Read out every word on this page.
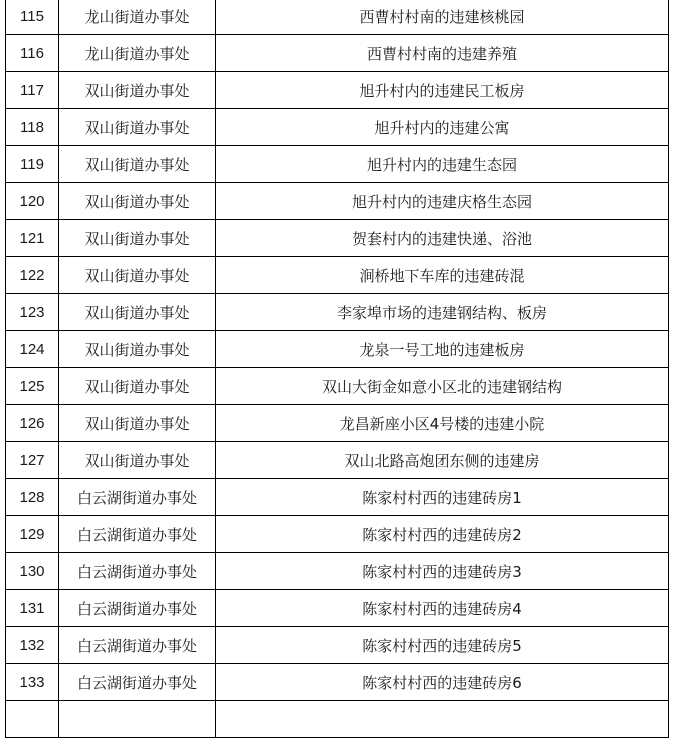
115	龙山街道办事处	西曹村村南的违建核桃园
116	龙山街道办事处	西曹村村南的违建养殖
117	双山街道办事处	旭升村内的违建民工板房
118	双山街道办事处	旭升村内的违建公寓
119	双山街道办事处	旭升村内的违建生态园
120	双山街道办事处	旭升村内的违建庆格生态园
121	双山街道办事处	贺套村内的违建快递、浴池
122	双山街道办事处	涧桥地下车库的违建砖混
123	双山街道办事处	李家埠市场的违建钢结构、板房
124	双山街道办事处	龙泉一号工地的违建板房
125	双山街道办事处	双山大街金如意小区北的违建钢结构
126	双山街道办事处	龙昌新座小区4号楼的违建小院
127	双山街道办事处	双山北路高炮团东侧的违建房
128	白云湖街道办事处	陈家村村西的违建砖房1
129	白云湖街道办事处	陈家村村西的违建砖房2
130	白云湖街道办事处	陈家村村西的违建砖房3
131	白云湖街道办事处	陈家村村西的违建砖房4
132	白云湖街道办事处	陈家村村西的违建砖房5
133	白云湖街道办事处	陈家村村西的违建砖房6
